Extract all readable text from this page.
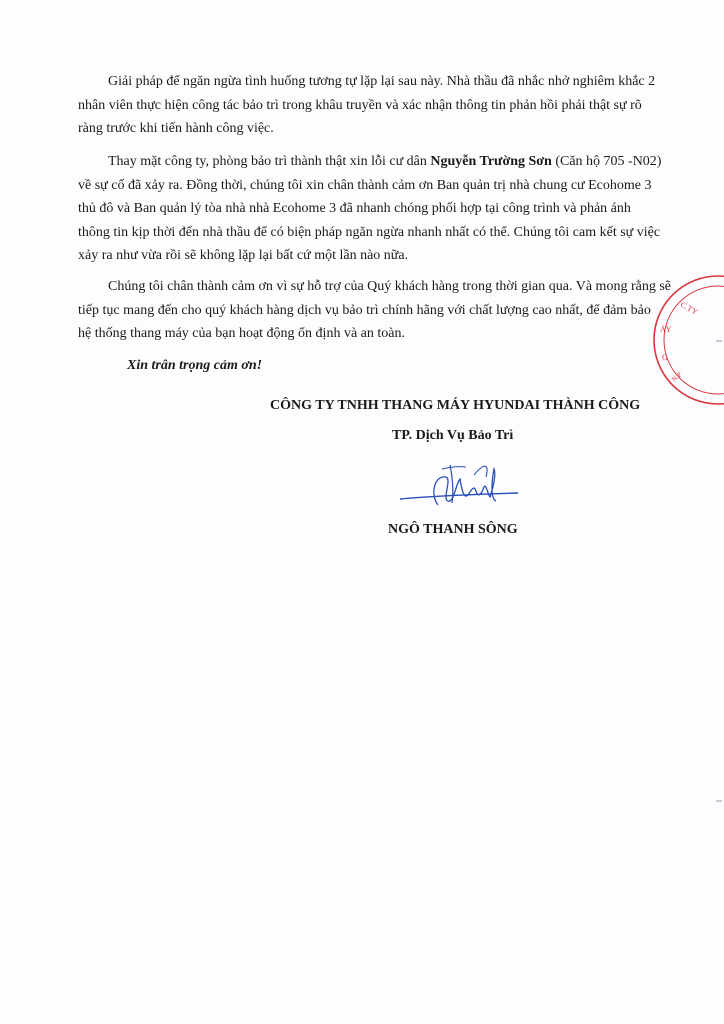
Giải pháp để ngăn ngừa tình huống tương tự lặp lại sau này. Nhà thầu đã nhắc nhở nghiêm khắc 2
nhân viên thực hiện công tác bảo trì trong khâu truyền và xác nhận thông tin phản hồi phải thật sự rõ
ràng trước khi tiến hành công việc.

Thay mặt công ty, phòng bảo trì thành thật xin lỗi cư dân Nguyễn Trường Sơn (Căn hộ 705 -N02)
về sự cố đã xảy ra. Đồng thời, chúng tôi xin chân thành cảm ơn Ban quản trị nhà chung cư Ecohome 3
thủ đô và Ban quản lý tòa nhà nhà Ecohome 3 đã nhanh chóng phối hợp tại công trình và phản ánh
thông tin kịp thời đến nhà thầu để có biện pháp ngăn ngừa nhanh nhất có thể. Chúng tôi cam kết sự việc
xảy ra như vừa rồi sẽ không lặp lại bất cứ một lần nào nữa.

Chúng tôi chân thành cảm ơn vì sự hỗ trợ của Quý khách hàng trong thời gian qua. Và mong rằng sẽ
tiếp tục mang đến cho quý khách hàng dịch vụ bảo trì chính hãng với chất lượng cao nhất, để đảm bảo
hệ thống thang máy của bạn hoạt động ổn định và an toàn.

Xin trân trọng cảm ơn!
CÔNG TY TNHH THANG MÁY HYUNDAI THÀNH CÔNG
TP. Dịch Vụ Bảo Trì
NGÔ THANH SÔNG
C.TY
ÁY
G
N.P
